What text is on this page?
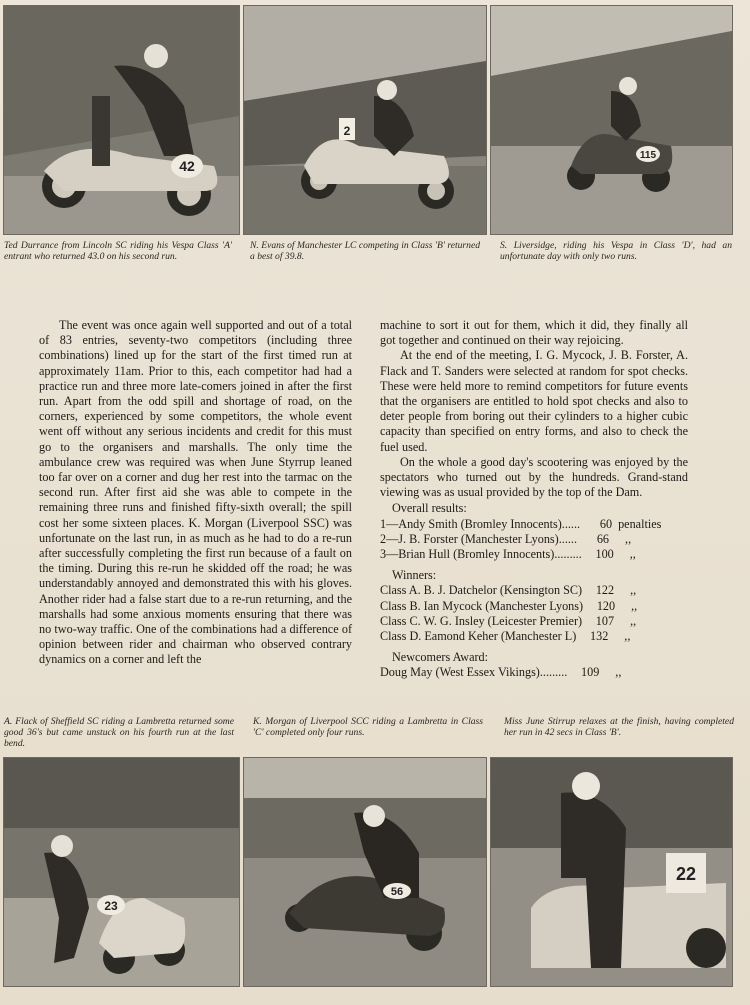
42
2
115
Ted Durrance from Lincoln SC riding his Vespa Class 'A' entrant who returned 43.0 on his second run.
N. Evans of Manchester LC competing in Class 'B' returned a best of 39.8.
S. Liversidge, riding his Vespa in Class 'D', had an unfortunate day with only two runs.

The event was once again well supported and out of a total of 83 entries, seventy-two competitors (including three combinations) lined up for the start of the first timed run at approximately 11am. Prior to this, each competitor had had a practice run and three more late-comers joined in after the first run. Apart from the odd spill and shortage of road, on the corners, experienced by some competitors, the whole event went off without any serious incidents and credit for this must go to the organisers and marshalls. The only time the ambulance crew was required was when June Styrrup leaned too far over on a corner and dug her rest into the tarmac on the second run. After first aid she was able to compete in the remaining three runs and finished fifty-sixth overall; the spill cost her some sixteen places. K. Morgan (Liverpool SSC) was unfortunate on the last run, in as much as he had to do a re-run after successfully completing the first run because of a fault on the timing. During this re-run he skidded off the road; he was understandably annoyed and demonstrated this with his gloves. Another rider had a false start due to a re-run returning, and the marshalls had some anxious moments ensuring that there was no two-way traffic. One of the combinations had a difference of opinion between rider and chairman who observed contrary dynamics on a corner and left the

machine to sort it out for them, which it did, they finally all got together and continued on their way rejoicing.

At the end of the meeting, I. G. Mycock, J. B. Forster, A. Flack and T. Sanders were selected at random for spot checks. These were held more to remind competitors for future events that the organisers are entitled to hold spot checks and also to deter people from boring out their cylinders to a higher cubic capacity than specified on entry forms, and also to check the fuel used.

On the whole a good day's scootering was enjoyed by the spectators who turned out by the hundreds. Grand-stand viewing was as usual provided by the top of the Dam.

Overall results:
1—Andy Smith (Bromley Innocents) ......	60 penalties
2—J. B. Forster (Manchester Lyons) ......	66 ,,
3—Brian Hull (Bromley Innocents) .........	100 ,,
Winners:
Class A. B. J. Datchelor (Kensington SC)	122 ,,
Class B. Ian Mycock (Manchester Lyons)	120 ,,
Class C. W. G. Insley (Leicester Premier)	107 ,,
Class D. Eamond Keher (Manchester L)	132 ,,
Newcomers Award:
Doug May (West Essex Vikings) .........	109 ,,
A. Flack of Sheffield SC riding a Lambretta returned some good 36's but came unstuck on his fourth run at the last bend.
K. Morgan of Liverpool SCC riding a Lambretta in Class 'C' completed only four runs.
Miss June Stirrup relaxes at the finish, having completed her run in 42 secs in Class 'B'.
23
56
22
